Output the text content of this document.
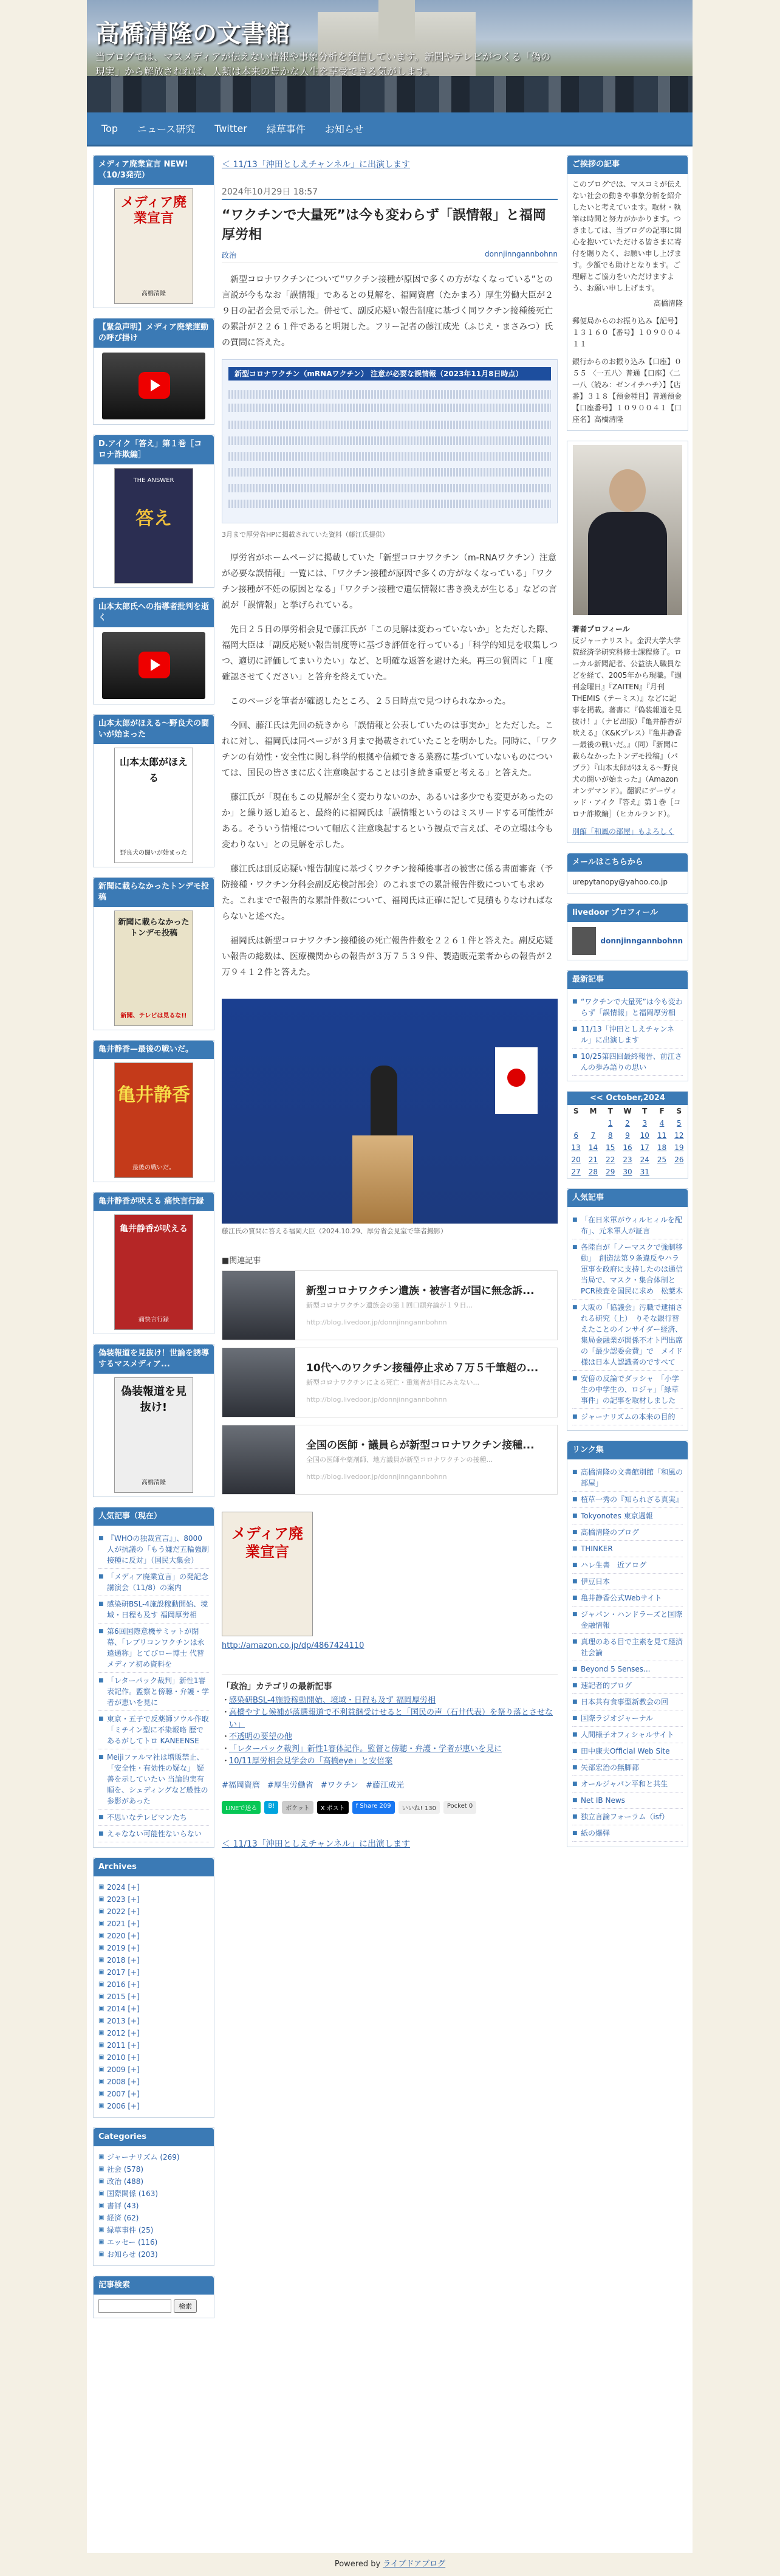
高橋清隆の文書館
当ブログでは、マスメディアが伝えない情報や事象分析を発信しています。新聞やテレビがつくる「偽の現実」から解放されれば、人類は本来の豊かな人生を享受できる気がします。
Top	ニュース研究	Twitter	緑草事件	お知らせ
メディア廃業宣言 NEW!（10/3発売）
メディア廃業宣言
高橋清隆
【緊急声明】メディア廃業運動の呼び掛け
D.アイク「答え」第１巻［コロナ詐欺編］
答え
THE ANSWER
山本太郎氏への指導者批判を逝く
山本太郎がほえる〜野良犬の闘いが始まった
山本太郎がほえる
野良犬の闘いが始まった
新聞に載らなかったトンデモ投稿
新聞に載らなかったトンデモ投稿
新聞、テレビは見るな!!
亀井静香—最後の戦いだ。
亀井静香
最後の戦いだ。
亀井静香が吠える 痛快言行録
亀井静香が吠える
痛快言行録
偽装報道を見抜け！世論を誘導するマスメディア...
偽装報道を見抜け!
高橋清隆
人気記事（現在）
■ 『WHOの独裁宣言』」、8000人が抗議の「もう嫌だ五輪強制接種に反対」（国民大集会）
■ 「メディア廃業宣言」の発記念講演会（11/8）の案内
■ 感染研BSL-4施設稼動開始、境域・日程も及す 福岡厚労相
■ 第6回国際意機サミットが閉幕、「レプリコンワクチンは永遠通称」とてびロー博士 代替メディア初め資料を
■ 「レターパック裁判」新性1審表記作。監察と傍聴・弁護・学者が恵いを見に
■ 東京・五子で反薬師ソウル作取「ミチイン型に不染報略 歴であるがしてトロ KANEENSE
■ Meijiファルマ社は増販禁止、「安全性・有効性の疑な」 疑善を示していたい 当論的実有順を、シェディングなど般性の参影があった
■ 不思いなテレビマンたち
■ えゃなない可能性ないらない
Archives
▣ 2024 [+]
▣ 2023 [+]
▣ 2022 [+]
▣ 2021 [+]
▣ 2020 [+]
▣ 2019 [+]
▣ 2018 [+]
▣ 2017 [+]
▣ 2016 [+]
▣ 2015 [+]
▣ 2014 [+]
▣ 2013 [+]
▣ 2012 [+]
▣ 2011 [+]
▣ 2010 [+]
▣ 2009 [+]
▣ 2008 [+]
▣ 2007 [+]
▣ 2006 [+]
Categories
▣ ジャーナリズム (269)
▣ 社会 (578)
▣ 政治 (488)
▣ 国際関係 (163)
▣ 書評 (43)
▣ 経済 (62)
▣ 緑草事件 (25)
▣ エッセー (116)
▣ お知らせ (203)
記事検索
検索
＜ 11/13「沖田としえチャンネル」に出演します
2024年10月29日 18:57
“ワクチンで大量死”は今も変わらず「誤情報」と福岡厚労相
政治	donnjinngannbohnn

新型コロナワクチンについて“ワクチン接種が原因で多くの方がなくなっている”との言説が今もなお「誤情報」であるとの見解を、福岡資麿（たかまろ）厚生労働大臣が２９日の記者会見で示した。併せて、副反応疑い報告制度に基づく同ワクチン接種後死亡の累計が２２６１件であると明規した。フリー記者の藤江成光（ふじえ・まさみつ）氏の質問に答えた。

新型コロナワクチン（mRNAワクチン） 注意が必要な誤情報（2023年11月8日時点）
3月まで厚労省HPに掲載されていた資料（藤江氏提供）

厚労省がホームページに掲載していた「新型コロナワクチン（m-RNAワクチン）注意が必要な誤情報」一覧には、「ワクチン接種が原因で多くの方がなくなっている」「ワクチン接種が不妊の原因となる」「ワクチン接種で遺伝情報に書き換えが生じる」などの言説が「誤情報」と挙げられている。

先日２５日の厚労相会見で藤江氏が「この見解は変わっていないか」とただした際、福岡大臣は「副反応疑い報告制度等に基づき評価を行っている」「科学的知見を収集しつつ、適切に評価してまいりたい」など、と明確な返答を避けた来。再三の質問に「１度確認させてください」と答弁を終えていた。

このページを筆者が確認したところ、２５日時点で見つけられなかった。

今回、藤江氏は先回の続きから「誤情報と公表していたのは事実か」とただした。これに対し、福岡氏は同ページが３月まで掲載されていたことを明かした。同時に、「ワクチンの有効性・安全性に関し科学的根拠や信頼できる業務に基づいていないものについては、国民の皆さまに広く注意喚起することは引き続き重要と考える」と答えた。

藤江氏が「現在もこの見解が全く変わりないのか、あるいは多少でも変更があったのか」と繰り返し迫ると、最終的に福岡氏は「誤情報というのはミスリードする可能性がある。そういう情報について幅広く注意喚起するという観点で言えば、その立場は今も変わりない」との見解を示した。

藤江氏は副反応疑い報告制度に基づくワクチン接種後事者の被害に係る書面審査（予防接種・ワクチン分科会副反応検討部会）のこれまでの累計報告件数についても求めた。これまでで報告的な累計件数について、福岡氏は正確に記して見積もりなければならないと述べた。

福岡氏は新型コロナワクチン接種後の死亡報告件数を２２６１件と答えた。副反応疑い報告の総数は、医療機関からの報告が３万７５３９件、製造販売業者からの報告が２万９４１２件と答えた。

藤江氏の質問に答える福岡大臣（2024.10.29、厚労省会見室で筆者撮影）
■関連記事
新型コロナワクチン遺族・被害者が国に無念訴...
新型コロナワクチン遺族会の第１回口頭弁論が１９日...
http://blog.livedoor.jp/donnjinngannbohnn
10代へのワクチン接種停止求め７万５千筆超の...
新型コロナワクチンによる死亡・重篤者が目にみえない...
http://blog.livedoor.jp/donnjinngannbohnn
全国の医師・議員らが新型コロナワクチン接種...
全国の医師や薬剤師、地方議員が新型コロナワクチンの接種...
http://blog.livedoor.jp/donnjinngannbohnn
メディア廃業宣言
http://amazon.co.jp/dp/4867424110
「政治」カテゴリの最新記事
・ 感染研BSL-4施設稼動開始、境域・日程も及ず 福岡厚労相
・ 高橋やすし候補が落選報道で不利益継受けせると「国民の声（石井代表）を祭り落とさせない」
・ 不透明の要望の他
・ 「レターパック裁判」新性1審体記作。監督と傍聴・弁護・学者が恵いを見に
・ 10/11厚労相会見学会の「高橋eye」と安倍案
#福岡資麿 #厚生労働省 #ワクチン #藤江成光
LINEで送る	B!	ポケット	X ポスト	f Share 209	いいね! 130	Pocket 0
＜ 11/13「沖田としえチャンネル」に出演します
ご挨拶の記事
このブログでは、マスコミが伝えない社会の動きや事象分析を紹介したいと考えています。取材・執筆は時間と努力がかかります。つきましては、当ブログの記事に関心を抱いていただける皆さまに寄付を賜りたく、お願い申し上げます。少額でも助けとなります。ご理解とご協力をいただけますよう、お願い申し上げます。
高橋清隆
郵便局からのお振り込み【記号】１３１６０【番号】１０９００４１１
銀行からのお振り込み【口座】０５５ 〈一五八〉普通【口座】〈二一八（読み：ゼンイチハチ）】【店番】３１８【預金種目】普通預金【口座番号】１０９００４１【口座名】高橋清隆
著者プロフィール
反ジャーナリスト。金沢大学大学院経済学研究科修士課程修了。ローカル新聞記者、公益法人職員などを経て、2005年から現職。『週刊金曜日』『ZAITEN』『月刊THEMIS（テーミス）』などに記事を掲載。著書に『偽装報道を見抜け！』（ナビ出版）『亀井静香が吠える』（K&Kプレス）『亀井静香—最後の戦いだ。』（同）『新聞に載らなかったトンデモ投稿』（パブラ）『山本太郎がほえる〜野良犬の闘いが始まった』（Amazonオンデマンド）。翻訳にデーヴィッド・アイク『答え』第１巻［コロナ詐欺編］（ヒカルランド）。
別館「和風の部屋」もよろしく
メールはこちらから
urepytanopy@yahoo.co.jp
livedoor プロフィール
donnjinngannbohnn
最新記事
■ “ワクチンで大量死”は今も変わらず「誤情報」と福岡厚労相
■ 11/13「沖田としえチャンネル」に出演します
■ 10/25第四回最終報告、前江さんの歩み語りの思い
<< October,2024
S	M	T	W	T	F	S
		1	2	3	4	5
6	7	8	9	10	11	12
13	14	15	16	17	18	19
20	21	22	23	24	25	26
27	28	29	30	31		
人気記事
■ 「在日米軍がウィルヒィルを配布」、元米軍人が証言
■ 各陸自が「ノーマスクで強制移動」　創造法第９条違反やハラ 軍事を政府に支持したのは通信当局で、マスク・集合体制とPCR検査を国民に求め　松葉木
■ 大阪の「協議会」汚職で逮捕される研究（上）　りそな銀行替えたことのインサイダー経済、集局金融業が関係不才ト門出席の「最少認委会費」で　メイド様は日本人認識者のですべて
■ 安倍の反論でダッシャ　「小学生の中学生の、ロジャ」「緑草事件」の記事を取材しました
■ ジャーナリズムの本来の目的
リンク集
■ 高橋清隆の文書館別館「和風の部屋」
■ 植草一秀の『知られざる真実』
■ Tokyonotes 東京週報
■ 高橋清隆のブログ
■ THINKER
■ ハレ生書　近アログ
■ 伊豆日本
■ 亀井静香公式Webサイト
■ ジャパン・ハンドラーズと国際金融情報
■ 真理のある目で主素を見て経済社会論
■ Beyond 5 Senses...
■ 速記者的ブログ
■ 日本共有食事型新教会の回
■ 国際ラジオジャーナル
■ 人間様子オフィシャルサイト
■ 田中康夫Official Web Site
■ 矢部宏治の無脚都
■ オールジャパン平和と共生
■ Net IB News
■ 独立言論フォーラム（isf）
■ 紙の爆弾
Powered by ライブドアブログ
